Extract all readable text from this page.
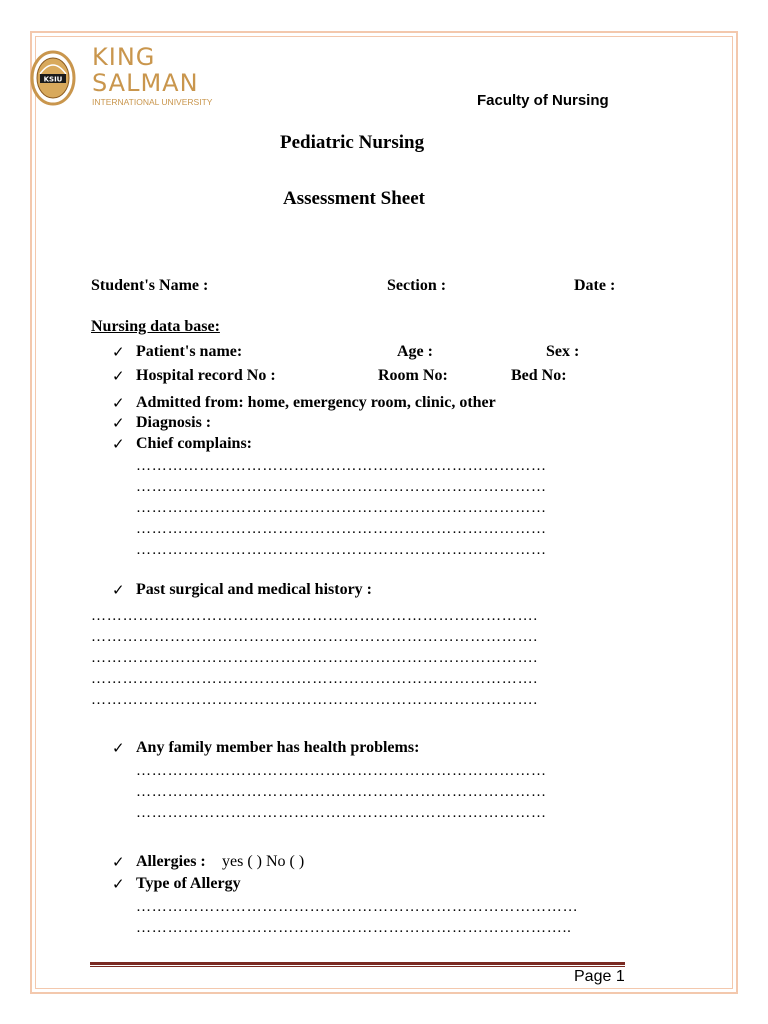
KSIU
KING
SALMAN
INTERNATIONAL UNIVERSITY	Faculty of Nursing
Pediatric Nursing
Assessment Sheet
Student's Name :	Section :	Date :
Nursing data base:
✓ Patient's name:	Age :	Sex :
✓ Hospital record No :	Room No:	Bed No:
✓ Admitted from: home, emergency room, clinic, other
✓ Diagnosis :
✓ Chief complains:
……………………………………………………………………
……………………………………………………………………
……………………………………………………………………
……………………………………………………………………
……………………………………………………………………
✓ Past surgical and medical history :
………………………………………………………………………….
………………………………………………………………………….
………………………………………………………………………….
………………………………………………………………………….
………………………………………………………………………….
✓ Any family member has health problems:
……………………………………………………………………
……………………………………………………………………
……………………………………………………………………
✓ Allergies : yes ( ) No ( )
✓ Type of Allergy
…………………………………………………………………………
………………………………………………………………………..
Page 1
